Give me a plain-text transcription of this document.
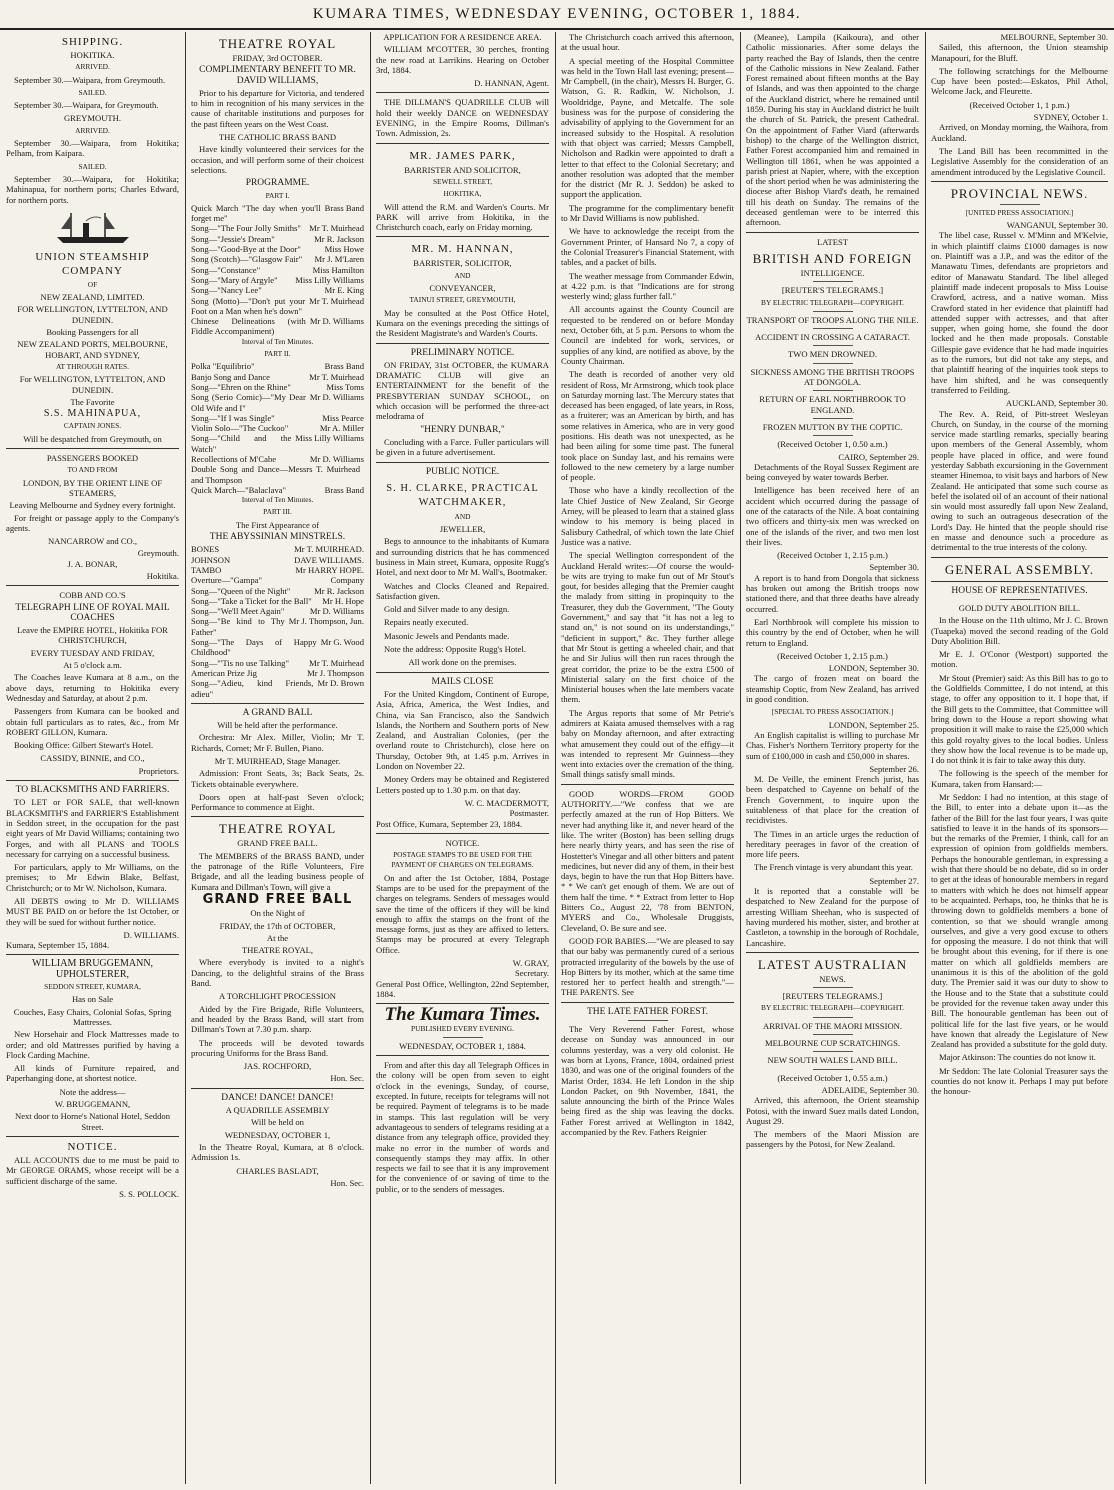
KUMARA TIMES, WEDNESDAY EVENING, OCTOBER 1, 1884.
SHIPPING.
HOKITIKA.
ARRIVED.

September 30.—Waipara, from Greymouth.

SAILED.

September 30.—Waipara, for Greymouth.

GREYMOUTH.
ARRIVED.

September 30.—Waipara, from Hokitika; Pelham, from Kaipara.

SAILED.

September 30.—Waipara, for Hokitika; Mahinapua, for northern ports; Charles Edward, for northern ports.

UNION STEAMSHIP COMPANY
OF
NEW ZEALAND, LIMITED.
FOR WELLINGTON, LYTTELTON, AND DUNEDIN.
Booking Passengers for all
NEW ZEALAND PORTS, MELBOURNE, HOBART, AND SYDNEY,
AT THROUGH RATES.
For WELLINGTON, LYTTELTON, AND DUNEDIN.
The Favorite
S.S. MAHINAPUA,
CAPTAIN JONES.
Will be despatched from Greymouth, on
PASSENGERS BOOKED
TO AND FROM
LONDON, BY THE ORIENT LINE OF STEAMERS,
Leaving Melbourne and Sydney every fortnight.

For freight or passage apply to the Company's agents.

NANCARROW and CO.,
Greymouth.
J. A. BONAR,
Hokitika.
COBB AND CO.'S
TELEGRAPH LINE OF ROYAL MAIL COACHES
Leave the EMPIRE HOTEL, Hokitika FOR CHRISTCHURCH,
EVERY TUESDAY AND FRIDAY,
At 5 o'clock a.m.

The Coaches leave Kumara at 8 a.m., on the above days, returning to Hokitika every Wednesday and Saturday, at about 2 p.m.

Passengers from Kumara can be booked and obtain full particulars as to rates, &c., from Mr ROBERT GILLON, Kumara.

Booking Office: Gilbert Stewart's Hotel.

CASSIDY, BINNIE, and CO.,
Proprietors.
TO BLACKSMITHS AND FARRIERS.

TO LET or FOR SALE, that well-known BLACKSMITH'S and FARRIER'S Establishment in Seddon street, in the occupation for the past eight years of Mr David Williams; containing two Forges, and with all PLANS and TOOLS necessary for carrying on a successful business.

For particulars, apply to Mr Williams, on the premises; to Mr Edwin Blake, Belfast, Christchurch; or to Mr W. Nicholson, Kumara.

All DEBTS owing to Mr D. WILLIAMS MUST BE PAID on or before the 1st October, or they will be sued for without further notice.

D. WILLIAMS.
Kumara, September 15, 1884.
WILLIAM BRUGGEMANN, UPHOLSTERER,
SEDDON STREET, KUMARA,
Has on Sale
Couches, Easy Chairs, Colonial Sofas, Spring Mattresses.

New Horsehair and Flock Mattresses made to order; and old Mattresses purified by having a Flock Carding Machine.

All kinds of Furniture repaired, and Paperhanging done, at shortest notice.

Note the address—
W. BRUGGEMANN,
Next door to Horne's National Hotel, Seddon Street.
NOTICE.

ALL ACCOUNTS due to me must be paid to Mr GEORGE ORAMS, whose receipt will be a sufficient discharge of the same.

S. S. POLLOCK.
THEATRE ROYAL
FRIDAY, 3rd OCTOBER.
COMPLIMENTARY BENEFIT TO MR. DAVID WILLIAMS,

Prior to his departure for Victoria, and tendered to him in recognition of his many services in the cause of charitable institutions and purposes for the past fifteen years on the West Coast.

THE CATHOLIC BRASS BAND

Have kindly volunteered their services for the occasion, and will perform some of their choicest selections.

PROGRAMME.
PART I.
Quick March "The day when you'll forget me"
Brass Band
Song—"The Four Jolly Smiths" Mr T. Muirhead
Song—"Jessie's Dream"	Mr R. Jackson
Song—"Good-Bye at the Door"	Miss Howe
Song (Scotch)—"Glasgow Fair" Mr J. M'Laren
Song—"Constance"	Miss Hamilton
Song—"Mary of Argyle" Miss Lilly Williams
Song—"Nancy Lee"	Mr E. King
Song (Motto)—"Don't put your Foot on a Man when he's down"
Mr T. Muirhead
Chinese Delineations (with Fiddle Accompaniment)
Mr D. Williams
Interval of Ten Minutes.
PART II.
Polka "Equilibrio"	Brass Band
Banjo Song and Dance	Mr T. Muirhead
Song—"Ehren on the Rhine"	Miss Toms
Song (Serio Comic)—"My Dear Old Wife and I"
Mr D. Williams
Song—"If I was Single"	Miss Pearce
Violin Solo—"The Cuckoo"	Mr A. Miller
Song—"Child and the Watch"
Miss Lilly Williams
Recollections of M'Cabe	Mr D. Williams
Double Song and Dance—Messrs T. Muirhead and Thompson
Quick March—"Balaclava"	Brass Band
Interval of Ten Minutes.
PART III.
The First Appearance of
THE ABYSSINIAN MINSTRELS.
BONES	Mr T. MUIRHEAD.
JOHNSON	DAVE WILLIAMS.
TAMBO	Mr HARRY HOPE.
Overture—"Gampa"	Company
Song—"Queen of the Night"	Mr R. Jackson
Song—"Take a Ticket for the Ball" Mr H. Hope
Song—"We'll Meet Again"	Mr D. Williams
Song—"Be kind to Thy Father"
Mr J. Thompson, Jun.
Song—"The Days of Happy Childhood"
Mr G. Wood
Song—"'Tis no use Talking" Mr T. Muirhead
American Prize Jig	Mr J. Thompson
Song—"Adieu, kind Friends, adieu"
Mr D. Brown
A GRAND BALL
Will be held after the performance.

Orchestra: Mr Alex. Miller, Violin; Mr T. Richards, Cornet; Mr F. Bullen, Piano.

Mr T. MUIRHEAD, Stage Manager.

Admission: Front Seats, 3s; Back Seats, 2s. Tickets obtainable everywhere.

Doors open at half-past Seven o'clock; Performance to commence at Eight.

THEATRE ROYAL
GRAND FREE BALL.

The MEMBERS of the BRASS BAND, under the patronage of the Rifle Volunteers, Fire Brigade, and all the leading business people of Kumara and Dillman's Town, will give a

GRAND FREE BALL
On the Night of
FRIDAY, the 17th of OCTOBER,
At the
THEATRE ROYAL,

Where everybody is invited to a night's Dancing, to the delightful strains of the Brass Band.

A TORCHLIGHT PROCESSION

Aided by the Fire Brigade, Rifle Volunteers, and headed by the Brass Band, will start from Dillman's Town at 7.30 p.m. sharp.

The proceeds will be devoted towards procuring Uniforms for the Brass Band.

JAS. ROCHFORD,
Hon. Sec.
DANCE! DANCE! DANCE!
A QUADRILLE ASSEMBLY
Will be held on
WEDNESDAY, OCTOBER 1,

In the Theatre Royal, Kumara, at 8 o'clock. Admission 1s.

CHARLES BASLADT,
Hon. Sec.
APPLICATION FOR A RESIDENCE AREA.

WILLIAM M'COTTER, 30 perches, fronting the new road at Larrikins. Hearing on October 3rd, 1884.

D. HANNAN, Agent.

THE DILLMAN'S QUADRILLE CLUB will hold their weekly DANCE on WEDNESDAY EVENING, in the Empire Rooms, Dillman's Town. Admission, 2s.

MR. JAMES PARK,
BARRISTER AND SOLICITOR,
SEWELL STREET,
HOKITIKA,

Will attend the R.M. and Warden's Courts. Mr PARK will arrive from Hokitika, in the Christchurch coach, early on Friday morning.

MR. M. HANNAN,
BARRISTER, SOLICITOR,
AND
CONVEYANCER,
TAINUI STREET, GREYMOUTH,

May be consulted at the Post Office Hotel, Kumara on the evenings preceding the sittings of the Resident Magistrate's and Warden's Courts.

PRELIMINARY NOTICE.

ON FRIDAY, 31st OCTOBER, the KUMARA DRAMATIC CLUB will give an ENTERTAINMENT for the benefit of the PRESBYTERIAN SUNDAY SCHOOL, on which occasion will be performed the three-act melodrama of

"HENRY DUNBAR,"

Concluding with a Farce. Fuller particulars will be given in a future advertisement.

PUBLIC NOTICE.
S. H. CLARKE, PRACTICAL WATCHMAKER,
AND
JEWELLER,

Begs to announce to the inhabitants of Kumara and surrounding districts that he has commenced business in Main street, Kumara, opposite Rugg's Hotel, and next door to Mr M. Wall's, Bootmaker.

Watches and Clocks Cleaned and Repaired. Satisfaction given.

Gold and Silver made to any design.

Repairs neatly executed.

Masonic Jewels and Pendants made.

Note the address: Opposite Rugg's Hotel.

All work done on the premises.
MAILS CLOSE

For the United Kingdom, Continent of Europe, Asia, Africa, America, the West Indies, and China, via San Francisco, also the Sandwich Islands, the Northern and Southern ports of New Zealand, and Australian Colonies, (per the overland route to Christchurch), close here on Thursday, October 9th, at 1.45 p.m. Arrives in London on November 22.

Money Orders may be obtained and Registered Letters posted up to 1.30 p.m. on that day.

W. C. MACDERMOTT,
Postmaster.
Post Office, Kumara, September 23, 1884.
NOTICE.
POSTAGE STAMPS TO BE USED FOR THE PAYMENT OF CHARGES ON TELEGRAMS.

On and after the 1st October, 1884, Postage Stamps are to be used for the prepayment of the charges on telegrams. Senders of messages would save the time of the officers if they will be kind enough to affix the stamps on the front of the message forms, just as they are affixed to letters. Stamps may be procured at every Telegraph Office.

W. GRAY,
Secretary.
General Post Office, Wellington, 22nd September, 1884.
The Kumara Times.
PUBLISHED EVERY EVENING.
WEDNESDAY, OCTOBER 1, 1884.

From and after this day all Telegraph Offices in the colony will be open from seven to eight o'clock in the evenings, Sunday, of course, excepted. In future, receipts for telegrams will not be required. Payment of telegrams is to be made in stamps. This last regulation will be very advantageous to senders of telegrams residing at a distance from any telegraph office, provided they make no error in the number of words and consequently stamps they may affix. In other respects we fail to see that it is any improvement for the convenience of or saving of time to the public, or to the senders of messages.

The Christchurch coach arrived this afternoon, at the usual hour.

A special meeting of the Hospital Committee was held in the Town Hall last evening; present—Mr Campbell, (in the chair), Messrs H. Burger, G. Watson, G. R. Radkin, W. Nicholson, J. Wooldridge, Payne, and Metcalfe. The sole business was for the purpose of considering the advisability of applying to the Government for an increased subsidy to the Hospital. A resolution with that object was carried; Messrs Campbell, Nicholson and Radkin were appointed to draft a letter to that effect to the Colonial Secretary; and another resolution was adopted that the member for the district (Mr R. J. Seddon) be asked to support the application.

The programme for the complimentary benefit to Mr David Williams is now published.

We have to acknowledge the receipt from the Government Printer, of Hansard No 7, a copy of the Colonial Treasurer's Financial Statement, with tables, and a packet of bills.

The weather message from Commander Edwin, at 4.22 p.m. is that "Indications are for strong westerly wind; glass further fall."

All accounts against the County Council are requested to be rendered on or before Monday next, October 6th, at 5 p.m. Persons to whom the Council are indebted for work, services, or supplies of any kind, are notified as above, by the County Chairman.

The death is recorded of another very old resident of Ross, Mr Armstrong, which took place on Saturday morning last. The Mercury states that deceased has been engaged, of late years, in Ross, as a fruiterer; was an American by birth, and has some relatives in America, who are in very good positions. His death was not unexpected, as he had been ailing for some time past. The funeral took place on Sunday last, and his remains were followed to the new cemetery by a large number of people.

Those who have a kindly recollection of the late Chief Justice of New Zealand, Sir George Arney, will be pleased to learn that a stained glass window to his memory is being placed in Salisbury Cathedral, of which town the late Chief Justice was a native.

The special Wellington correspondent of the Auckland Herald writes:—Of course the would-be wits are trying to make fun out of Mr Stout's gout, for besides alleging that the Premier caught the malady from sitting in propinquity to the Treasurer, they dub the Government, "The Gouty Government," and say that "it has not a leg to stand on," is not sound on its understandings," "deficient in support," &c. They further allege that Mr Stout is getting a wheeled chair, and that he and Sir Julius will then run races through the great corridor, the prize to be the extra £500 of Ministerial salary on the first choice of the Ministerial houses when the late members vacate them.

The Argus reports that some of Mr Petrie's admirers at Kaiata amused themselves with a rag baby on Monday afternoon, and after extracting what amusement they could out of the effigy—it was intended to represent Mr Guinness—they went into extacies over the cremation of the thing. Small things satisfy small minds.

GOOD WORDS—FROM GOOD AUTHORITY.—"We confess that we are perfectly amazed at the run of Hop Bitters. We never had anything like it, and never heard of the like. The writer (Boston) has been selling drugs here nearly thirty years, and has seen the rise of Hostetter's Vinegar and all other bitters and patent medicines, but never did any of them, in their best days, begin to have the run that Hop Bitters have. * * We can't get enough of them. We are out of them half the time. * * Extract from letter to Hop Bitters Co., August 22, '78 from BENTON, MYERS and Co., Wholesale Druggists, Cleveland, O. Be sure and see.

GOOD FOR BABIES.—"We are pleased to say that our baby was permanently cured of a serious protracted irregularity of the bowels by the use of Hop Bitters by its mother, which at the same time restored her to perfect health and strength."—THE PARENTS. See

THE LATE FATHER FOREST.

The Very Reverend Father Forest, whose decease on Sunday was announced in our columns yesterday, was a very old colonist. He was born at Lyons, France, 1804, ordained priest 1830, and was one of the original founders of the Marist Order, 1834. He left London in the ship London Packet, on 9th November, 1841, the salute announcing the birth of the Prince Wales being fired as the ship was leaving the docks. Father Forest arrived at Wellington in 1842, accompanied by the Rev. Fathers Reignier

(Meanee), Lampila (Kaikoura), and other Catholic missionaries. After some delays the party reached the Bay of Islands, then the centre of the Catholic missions in New Zealand. Father Forest remained about fifteen months at the Bay of Islands, and was then appointed to the charge of the Auckland district, where he remained until 1859. During his stay in Auckland district he built the church of St. Patrick, the present Cathedral. On the appointment of Father Viard (afterwards bishop) to the charge of the Wellington district, Father Forest accompanied him and remained in Wellington till 1861, when he was appointed a parish priest at Napier, where, with the exception of the short period when he was administering the diocese after Bishop Viard's death, he remained till his death on Sunday. The remains of the deceased gentleman were to be interred this afternoon.

LATEST
BRITISH AND FOREIGN
INTELLIGENCE.
[REUTER'S TELEGRAMS.]
BY ELECTRIC TELEGRAPH—COPYRIGHT.
TRANSPORT OF TROOPS ALONG THE NILE.
ACCIDENT IN CROSSING A CATARACT.
TWO MEN DROWNED.
SICKNESS AMONG THE BRITISH TROOPS AT DONGOLA.
RETURN OF EARL NORTHBROOK TO ENGLAND.
FROZEN MUTTON BY THE COPTIC.
(Received October 1, 0.50 a.m.)
CAIRO, September 29.

Detachments of the Royal Sussex Regiment are being conveyed by water towards Berber.

Intelligence has been received here of an accident which occurred during the passage of one of the cataracts of the Nile. A boat containing two officers and thirty-six men was wrecked on one of the islands of the river, and two men lost their lives.

(Received October 1, 2.15 p.m.)
September 30.

A report is to hand from Dongola that sickness has broken out among the British troops now stationed there, and that three deaths have already occurred.

Earl Northbrook will complete his mission to this country by the end of October, when he will return to England.

(Received October 1, 2.15 p.m.)
LONDON, September 30.

The cargo of frozen meat on board the steamship Coptic, from New Zealand, has arrived in good condition.

[SPECIAL TO PRESS ASSOCIATION.]
LONDON, September 25.

An English capitalist is willing to purchase Mr Chas. Fisher's Northern Territory property for the sum of £100,000 in cash and £50,000 in shares.

September 26.

M. De Veille, the eminent French jurist, has been despatched to Cayenne on behalf of the French Government, to inquire upon the suitableness of that place for the creation of recidivistes.

The Times in an article urges the reduction of hereditary peerages in favor of the creation of more life peers.

The French vintage is very abundant this year.

September 27.

It is reported that a constable will be despatched to New Zealand for the purpose of arresting William Sheehan, who is suspected of having murdered his mother, sister, and brother at Castleton, a township in the borough of Rochdale, Lancashire.

LATEST AUSTRALIAN
NEWS.
[REUTERS TELEGRAMS.]
BY ELECTRIC TELEGRAPH—COPYRIGHT.
ARRIVAL OF THE MAORI MISSION.
MELBOURNE CUP SCRATCHINGS.
NEW SOUTH WALES LAND BILL.
(Received October 1, 0.55 a.m.)
ADELAIDE, September 30.

Arrived, this afternoon, the Orient steamship Potosi, with the inward Suez mails dated London, August 29.

The members of the Maori Mission are passengers by the Potosi, for New Zealand.

MELBOURNE, September 30.

Sailed, this afternoon, the Union steamship Manapouri, for the Bluff.

The following scratchings for the Melbourne Cup have been posted:—Eskatos, Phil Athol, Welcome Jack, and Fleurette.

(Received October 1, 1 p.m.)
SYDNEY, October 1.

Arrived, on Monday morning, the Waihora, from Auckland.

The Land Bill has been recommitted in the Legislative Assembly for the consideration of an amendment introduced by the Legislative Council.

PROVINCIAL NEWS.
[UNITED PRESS ASSOCIATION.]
WANGANUI, September 30.

The libel case, Russel v. M'Minn and M'Kelvie, in which plaintiff claims £1000 damages is now on. Plaintiff was a J.P., and was the editor of the Manawatu Times, defendants are proprietors and editor of Manawatu Standard. The libel alleged plaintiff made indecent proposals to Miss Louise Crawford, actress, and a native woman. Miss Crawford stated in her evidence that plaintiff had attended supper with actresses, and that after supper, when going home, she found the door locked and he then made proposals. Constable Gillespie gave evidence that he had made inquiries as to the rumors, but did not take any steps, and that plaintiff hearing of the inquiries took steps to have him shifted, and he was consequently transferred to Feilding.

AUCKLAND, September 30.

The Rev. A. Reid, of Pitt-street Wesleyan Church, on Sunday, in the course of the morning service made startling remarks, specially bearing upon members of the General Assembly, whom people have placed in office, and were found yesterday Sabbath excursioning in the Government steamer Hinemoa, to visit bays and harbors of New Zealand. He anticipated that some such course as befel the isolated oil of an account of their national sin would most assuredly fall upon New Zealand, owing to such an outrageous desecration of the Lord's Day. He hinted that the people should rise en masse and denounce such a procedure as detrimental to the true interests of the colony.

GENERAL ASSEMBLY.
HOUSE OF REPRESENTATIVES.
GOLD DUTY ABOLITION BILL.

In the House on the 11th ultimo, Mr J. C. Brown (Tuapeka) moved the second reading of the Gold Duty Abolition Bill.

Mr E. J. O'Conor (Westport) supported the motion.

Mr Stout (Premier) said: As this Bill has to go to the Goldfields Committee, I do not intend, at this stage, to offer any opposition to it. I hope that, if the Bill gets to the Committee, that Committee will bring down to the House a report showing what proposition it will make to raise the £25,000 which this gold royalty gives to the local bodies. Unless they show how the local revenue is to be made up, I do not think it is fair to take away this duty.

The following is the speech of the member for Kumara, taken from Hansard:—

Mr Seddon: I had no intention, at this stage of the Bill, to enter into a debate upon it—as the father of the Bill for the last four years, I was quite satisfied to leave it in the hands of its sponsors—but the remarks of the Premier, I think, call for an expression of opinion from goldfields members. Perhaps the honourable gentleman, in expressing a wish that there should be no debate, did so in order to get at the ideas of honourable members in regard to matters with which he does not himself appear to be acquainted. Perhaps, too, he thinks that he is throwing down to goldfields members a bone of contention, so that we should wrangle among ourselves, and give a very good excuse to others for opposing the measure. I do not think that will be brought about this evening, for if there is one matter on which all goldfields members are unanimous it is this of the abolition of the gold duty. The Premier said it was our duty to show to the House and to the State that a substitute could be provided for the revenue taken away under this Bill. The honourable gentleman has been out of political life for the last five years, or he would have known that already the Legislature of New Zealand has provided a substitute for the gold duty.

Major Atkinson: The counties do not know it.

Mr Seddon: The late Colonial Treasurer says the counties do not know it. Perhaps I may put before the honour-
